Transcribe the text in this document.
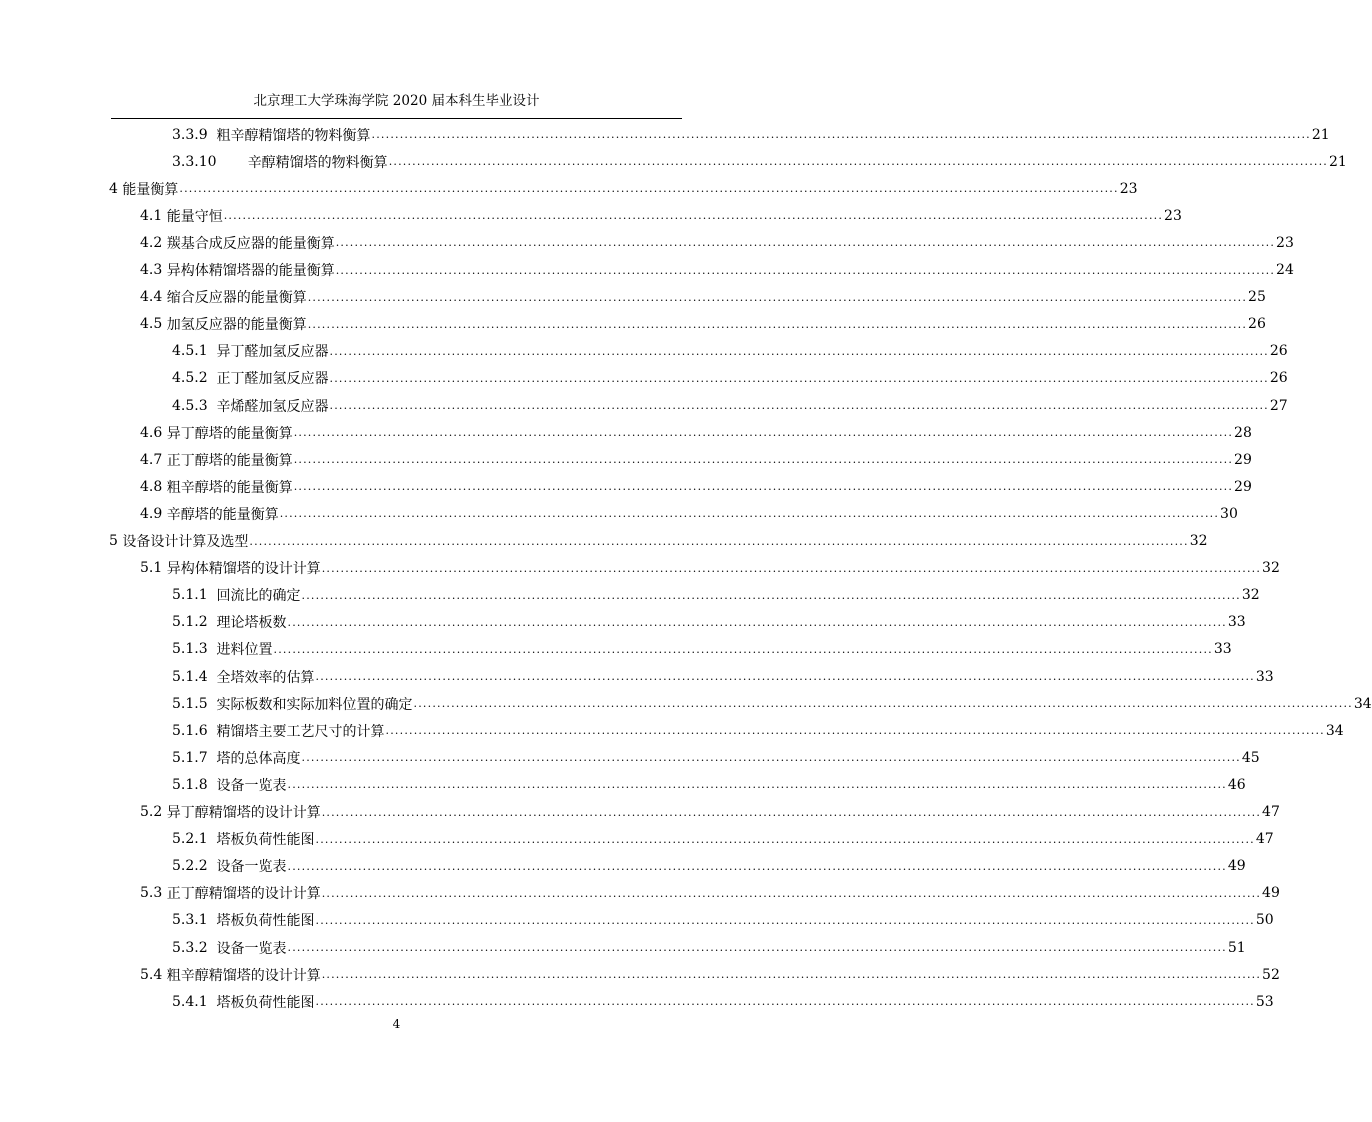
北京理工大学珠海学院 2020 届本科生毕业设计
3.3.9
粗辛醇精馏塔的物料衡算 ........................................................................................................................................................................................................ 21
3.3.10
辛醇精馏塔的物料衡算 ........................................................................................................................................................................................................ 21
4
能量衡算 ........................................................................................................................................................................................................ 23
4.1
能量守恒 ........................................................................................................................................................................................................ 23
4.2
羰基合成反应器的能量衡算 ........................................................................................................................................................................................................ 23
4.3
异构体精馏塔器的能量衡算 ........................................................................................................................................................................................................ 24
4.4
缩合反应器的能量衡算 ........................................................................................................................................................................................................ 25
4.5
加氢反应器的能量衡算 ........................................................................................................................................................................................................ 26
4.5.1
异丁醛加氢反应器 ........................................................................................................................................................................................................ 26
4.5.2
正丁醛加氢反应器 ........................................................................................................................................................................................................ 26
4.5.3
辛烯醛加氢反应器 ........................................................................................................................................................................................................ 27
4.6
异丁醇塔的能量衡算 ........................................................................................................................................................................................................ 28
4.7
正丁醇塔的能量衡算 ........................................................................................................................................................................................................ 29
4.8
粗辛醇塔的能量衡算 ........................................................................................................................................................................................................ 29
4.9
辛醇塔的能量衡算 ........................................................................................................................................................................................................ 30
5
设备设计计算及选型 ........................................................................................................................................................................................................ 32
5.1
异构体精馏塔的设计计算 ........................................................................................................................................................................................................ 32
5.1.1
回流比的确定 ........................................................................................................................................................................................................ 32
5.1.2
理论塔板数 ........................................................................................................................................................................................................ 33
5.1.3
进料位置 ........................................................................................................................................................................................................ 33
5.1.4
全塔效率的估算 ........................................................................................................................................................................................................ 33
5.1.5
实际板数和实际加料位置的确定 ........................................................................................................................................................................................................ 34
5.1.6
精馏塔主要工艺尺寸的计算 ........................................................................................................................................................................................................ 34
5.1.7
塔的总体高度 ........................................................................................................................................................................................................ 45
5.1.8
设备一览表 ........................................................................................................................................................................................................ 46
5.2
异丁醇精馏塔的设计计算 ........................................................................................................................................................................................................ 47
5.2.1
塔板负荷性能图 ........................................................................................................................................................................................................ 47
5.2.2
设备一览表 ........................................................................................................................................................................................................ 49
5.3
正丁醇精馏塔的设计计算 ........................................................................................................................................................................................................ 49
5.3.1
塔板负荷性能图 ........................................................................................................................................................................................................ 50
5.3.2
设备一览表 ........................................................................................................................................................................................................ 51
5.4
粗辛醇精馏塔的设计计算 ........................................................................................................................................................................................................ 52
5.4.1
塔板负荷性能图 ........................................................................................................................................................................................................ 53
4
